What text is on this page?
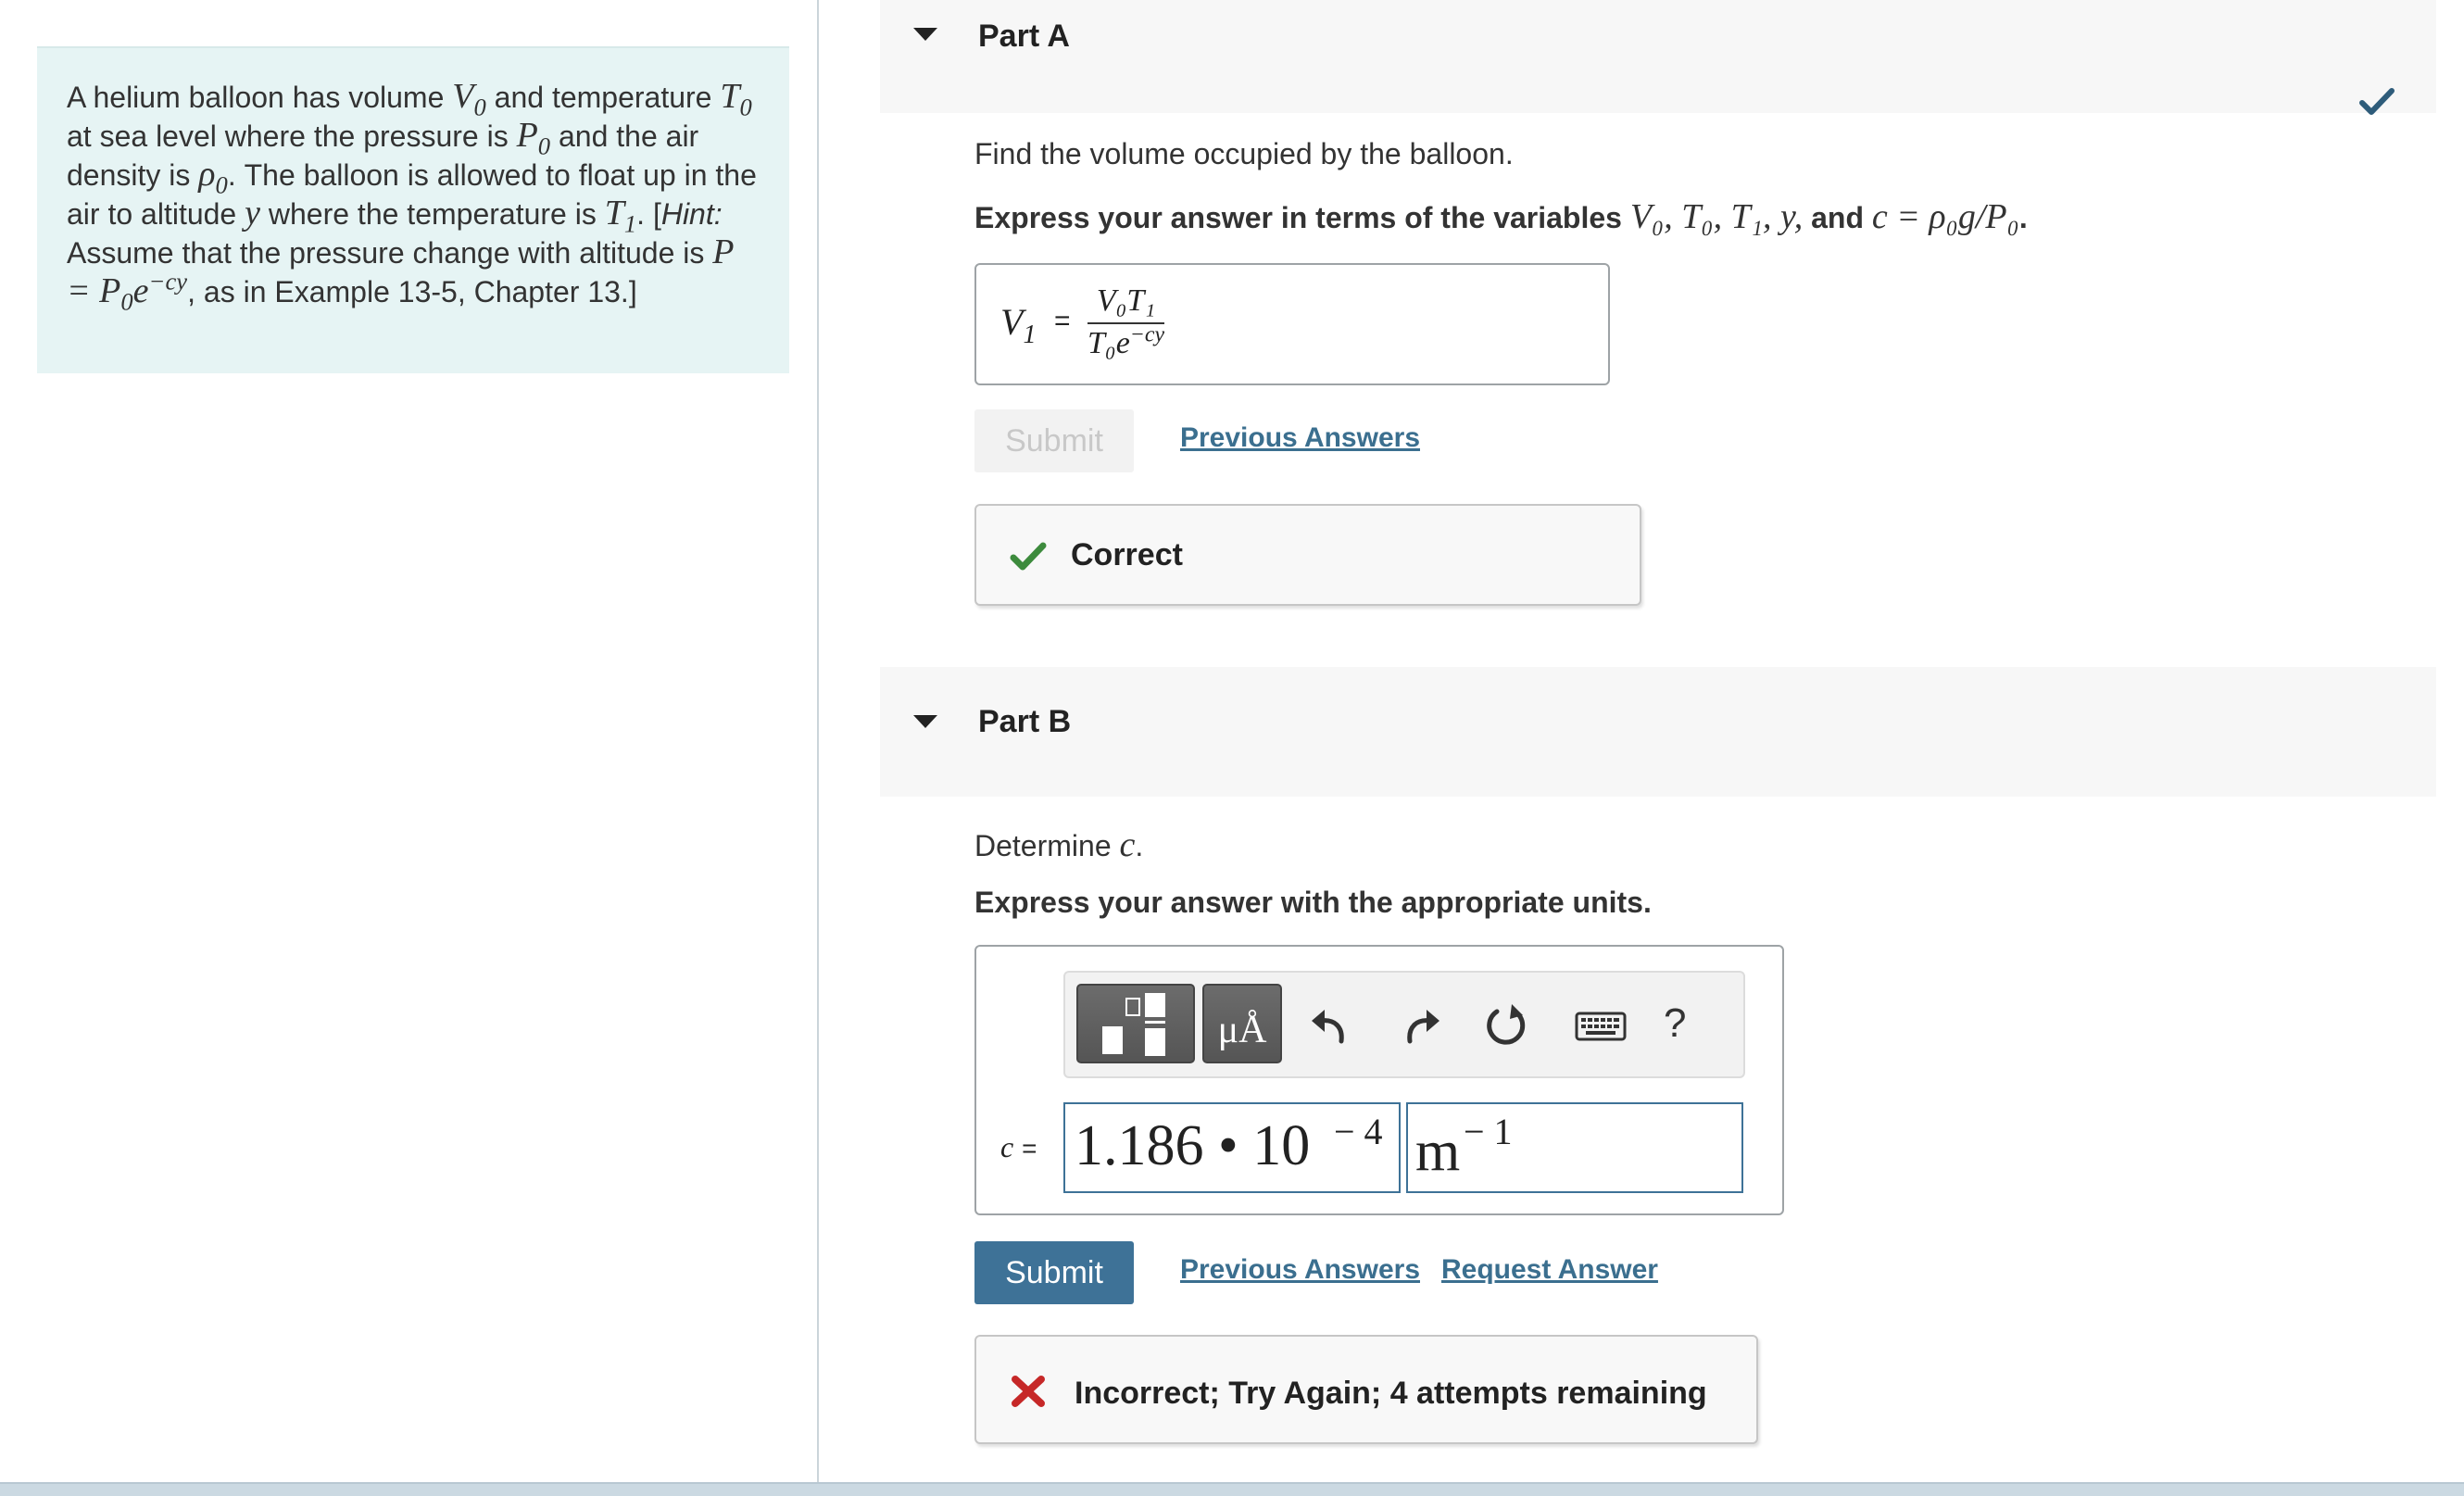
A helium balloon has volume $V_0$ and temperature $T_0$ at sea level where the pressure is $P_0$ and the air density is $\rho_0$. The balloon is allowed to float up in the air to altitude y where the temperature is $T_1$. [Hint: Assume that the pressure change with altitude is $P = P_0e^{-cy}$, as in Example 13-5, Chapter 13.]
Part A
Find the volume occupied by the balloon.
Express your answer in terms of the variables V₀, T₀, T₁, y, and c = ρ₀g/P₀.
$V_1 = \frac{\text{V₀T₁}}{T_0e^{-cy}}$
Submit	Previous Answers
Correct
Part B
Determine c.
Express your answer with the appropriate units.
μÅ	?
c = 1.186 • 10 − 4 m − 1
Submit	Previous Answers Request Answer
Incorrect; Try Again; 4 attempts remaining
